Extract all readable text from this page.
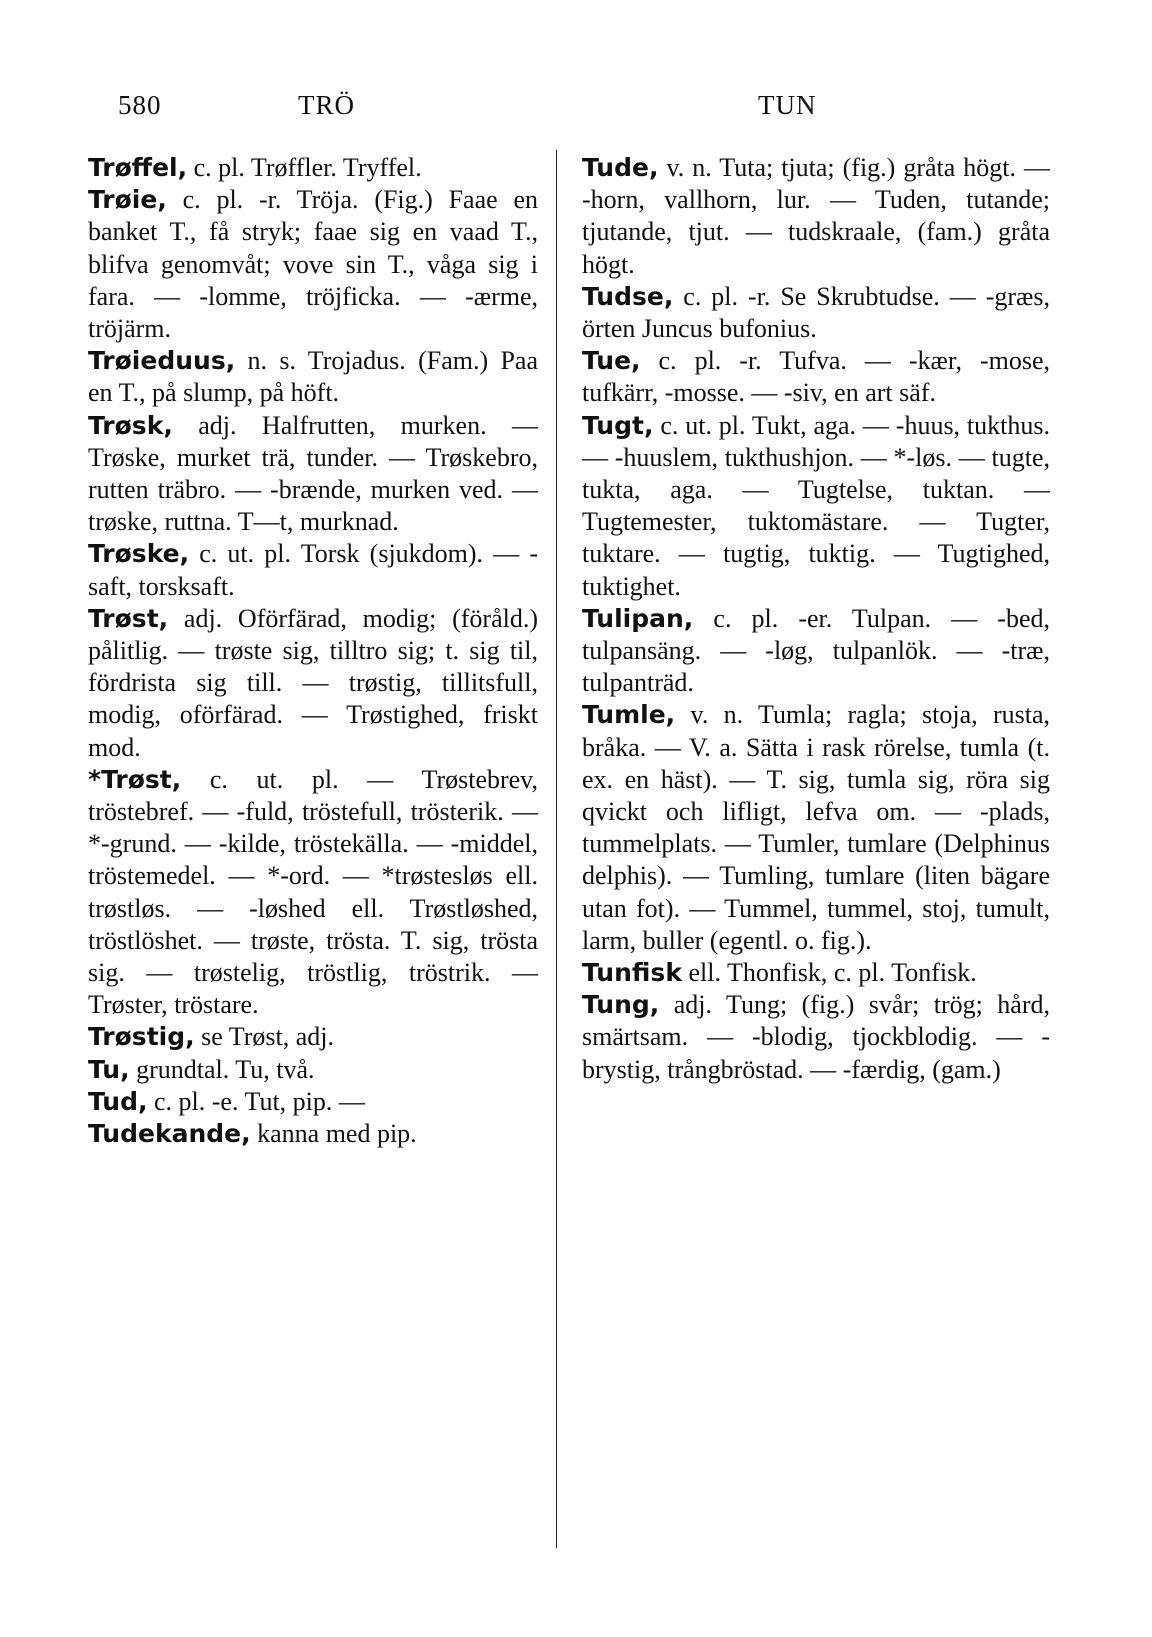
580	TRÖ	TUN

Trøffel, c. pl. Trøffler. Tryffel.

Trøie, c. pl. -r. Tröja. (Fig.) Faae en banket T., få stryk; faae sig en vaad T., blifva genomvåt; vove sin T., våga sig i fara. — -lomme, tröjficka. — -ærme, tröjärm.

Trøieduus, n. s. Trojadus. (Fam.) Paa en T., på slump, på höft.

Trøsk, adj. Halfrutten, murken. — Trøske, murket trä, tunder. — Trøskebro, rutten träbro. — -brænde, murken ved. — trøske, ruttna. T—t, murknad.

Trøske, c. ut. pl. Torsk (sjukdom). — -saft, torsksaft.

Trøst, adj. Oförfärad, modig; (föråld.) pålitlig. — trøste sig, tilltro sig; t. sig til, fördrista sig till. — trøstig, tillitsfull, modig, oförfärad. — Trøstighed, friskt mod.

*Trøst, c. ut. pl. — Trøstebrev, tröstebref. — -fuld, tröstefull, trösterik. — *-grund. — -kilde, tröstekälla. — -middel, tröstemedel. — *-ord. — *trøstesløs ell. trøstløs. — -løshed ell. Trøstløshed, tröstlöshet. — trøste, trösta. T. sig, trösta sig. — trøstelig, tröstlig, tröstrik. — Trøster, tröstare.

Trøstig, se Trøst, adj.

Tu, grundtal. Tu, två.

Tud, c. pl. -e. Tut, pip. —

Tudekande, kanna med pip.

Tude, v. n. Tuta; tjuta; (fig.) gråta högt. — -horn, vallhorn, lur. — Tuden, tutande; tjutande, tjut. — tudskraale, (fam.) gråta högt.

Tudse, c. pl. -r. Se Skrubtudse. — -græs, örten Juncus bufonius.

Tue, c. pl. -r. Tufva. — -kær, -mose, tufkärr, -mosse. — -siv, en art säf.

Tugt, c. ut. pl. Tukt, aga. — -huus, tukthus. — -huuslem, tukthushjon. — *-løs. — tugte, tukta, aga. — Tugtelse, tuktan. — Tugtemester, tuktomästare. — Tugter, tuktare. — tugtig, tuktig. — Tugtighed, tuktighet.

Tulipan, c. pl. -er. Tulpan. — -bed, tulpansäng. — -løg, tulpanlök. — -træ, tulpanträd.

Tumle, v. n. Tumla; ragla; stoja, rusta, bråka. — V. a. Sätta i rask rörelse, tumla (t. ex. en häst). — T. sig, tumla sig, röra sig qvickt och lifligt, lefva om. — -plads, tummelplats. — Tumler, tumlare (Delphinus delphis). — Tumling, tumlare (liten bägare utan fot). — Tummel, tummel, stoj, tumult, larm, buller (egentl. o. fig.).

Tunfisk ell. Thonfisk, c. pl. Tonfisk.

Tung, adj. Tung; (fig.) svår; trög; hård, smärtsam. — -blodig, tjockblodig. — -brystig, trångbröstad. — -færdig, (gam.)
